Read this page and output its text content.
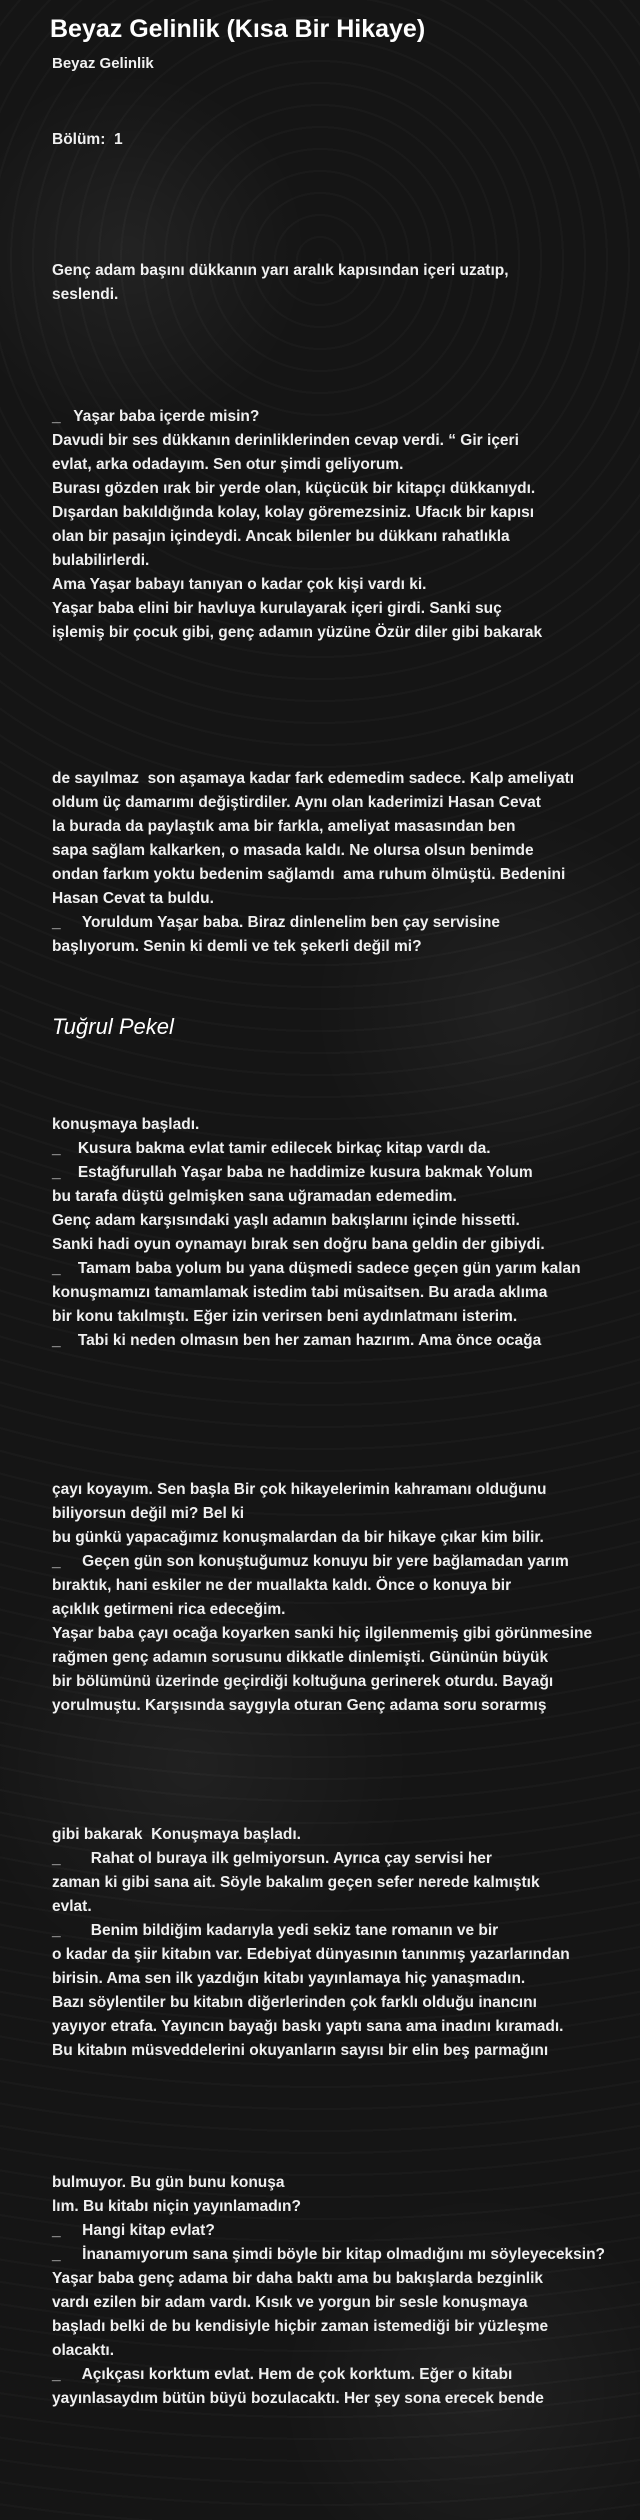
Beyaz Gelinlik (Kısa Bir Hikaye)
Beyaz Gelinlik
Bölüm:  1
Genç adam başını dükkanın yarı aralık kapısından içeri uzatıp,
seslendi.
_   Yaşar baba içerde misin?
Davudi bir ses dükkanın derinliklerinden cevap verdi. “ Gir içeri
evlat, arka odadayım. Sen otur şimdi geliyorum.
Burası gözden ırak bir yerde olan, küçücük bir kitapçı dükkanıydı.
Dışardan bakıldığında kolay, kolay göremezsiniz. Ufacık bir kapısı
olan bir pasajın içindeydi. Ancak bilenler bu dükkanı rahatlıkla
bulabilirlerdi.
Ama Yaşar babayı tanıyan o kadar çok kişi vardı ki.
Yaşar baba elini bir havluya kurulayarak içeri girdi. Sanki suç
işlemiş bir çocuk gibi, genç adamın yüzüne Özür diler gibi bakarak
de sayılmaz  son aşamaya kadar fark edemedim sadece. Kalp ameliyatı
oldum üç damarımı değiştirdiler. Aynı olan kaderimizi Hasan Cevat
la burada da paylaştık ama bir farkla, ameliyat masasından ben
sapa sağlam kalkarken, o masada kaldı. Ne olursa olsun benimde
ondan farkım yoktu bedenim sağlamdı  ama ruhum ölmüştü. Bedenini
Hasan Cevat ta buldu.
_     Yoruldum Yaşar baba. Biraz dinlenelim ben çay servisine
başlıyorum. Senin ki demli ve tek şekerli değil mi?
Tuğrul Pekel
konuşmaya başladı.
_    Kusura bakma evlat tamir edilecek birkaç kitap vardı da.
_    Estağfurullah Yaşar baba ne haddimize kusura bakmak Yolum
bu tarafa düştü gelmişken sana uğramadan edemedim.
Genç adam karşısındaki yaşlı adamın bakışlarını içinde hissetti.
Sanki hadi oyun oynamayı bırak sen doğru bana geldin der gibiydi.
_    Tamam baba yolum bu yana düşmedi sadece geçen gün yarım kalan
konuşmamızı tamamlamak istedim tabi müsaitsen. Bu arada aklıma
bir konu takılmıştı. Eğer izin verirsen beni aydınlatmanı isterim.
_    Tabi ki neden olmasın ben her zaman hazırım. Ama önce ocağa
çayı koyayım. Sen başla Bir çok hikayelerimin kahramanı olduğunu
biliyorsun değil mi? Bel ki
bu günkü yapacağımız konuşmalardan da bir hikaye çıkar kim bilir.
_     Geçen gün son konuştuğumuz konuyu bir yere bağlamadan yarım
bıraktık, hani eskiler ne der muallakta kaldı. Önce o konuya bir
açıklık getirmeni rica edeceğim.
Yaşar baba çayı ocağa koyarken sanki hiç ilgilenmemiş gibi görünmesine
rağmen genç adamın sorusunu dikkatle dinlemişti. Gününün büyük
bir bölümünü üzerinde geçirdiği koltuğuna gerinerek oturdu. Bayağı
yorulmuştu. Karşısında saygıyla oturan Genç adama soru sorarmış
gibi bakarak  Konuşmaya başladı.
_       Rahat ol buraya ilk gelmiyorsun. Ayrıca çay servisi her
zaman ki gibi sana ait. Söyle bakalım geçen sefer nerede kalmıştık
evlat.
_       Benim bildiğim kadarıyla yedi sekiz tane romanın ve bir
o kadar da şiir kitabın var. Edebiyat dünyasının tanınmış yazarlarından
birisin. Ama sen ilk yazdığın kitabı yayınlamaya hiç yanaşmadın.
Bazı söylentiler bu kitabın diğerlerinden çok farklı olduğu inancını
yayıyor etrafa. Yayıncın bayağı baskı yaptı sana ama inadını kıramadı.
Bu kitabın müsveddelerini okuyanların sayısı bir elin beş parmağını
bulmuyor. Bu gün bunu konuşa
lım. Bu kitabı niçin yayınlamadın?
_     Hangi kitap evlat?
_     İnanamıyorum sana şimdi böyle bir kitap olmadığını mı söyleyeceksin?
Yaşar baba genç adama bir daha baktı ama bu bakışlarda bezginlik
vardı ezilen bir adam vardı. Kısık ve yorgun bir sesle konuşmaya
başladı belki de bu kendisiyle hiçbir zaman istemediği bir yüzleşme
olacaktı.
_     Açıkçası korktum evlat. Hem de çok korktum. Eğer o kitabı
yayınlasaydım bütün büyü bozulacaktı. Her şey sona erecek bende
